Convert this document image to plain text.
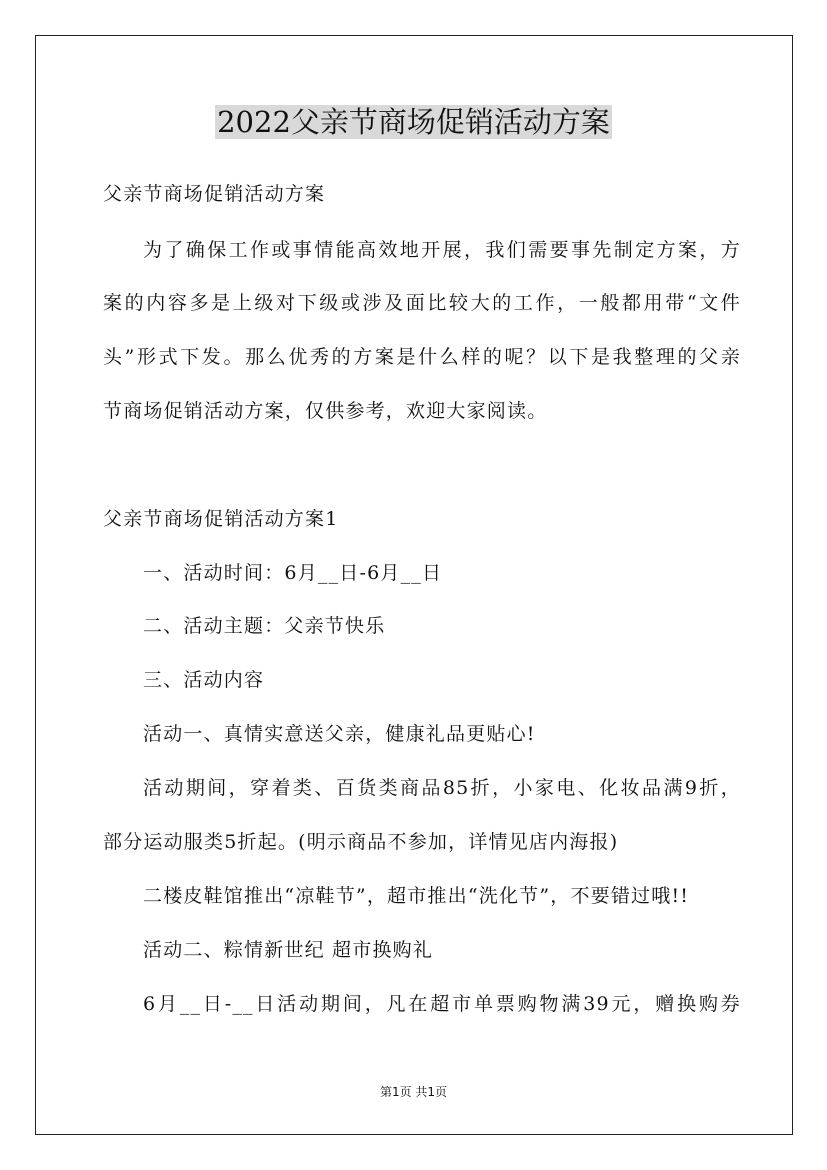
2022父亲节商场促销活动方案
父亲节商场促销活动方案
为了确保工作或事情能高效地开展，我们需要事先制定方案，方
案的内容多是上级对下级或涉及面比较大的工作，一般都用带“文件
头”形式下发。那么优秀的方案是什么样的呢？以下是我整理的父亲
节商场促销活动方案，仅供参考，欢迎大家阅读。
父亲节商场促销活动方案1
一、活动时间：6月__日-6月__日
二、活动主题：父亲节快乐
三、活动内容
活动一、真情实意送父亲，健康礼品更贴心!
活动期间，穿着类、百货类商品85折，小家电、化妆品满9折，
部分运动服类5折起。(明示商品不参加，详情见店内海报)
二楼皮鞋馆推出“凉鞋节”，超市推出“洗化节”，不要错过哦!!
活动二、粽情新世纪 超市换购礼
6月__日-__日活动期间，凡在超市单票购物满39元，赠换购券
第1页 共1页
